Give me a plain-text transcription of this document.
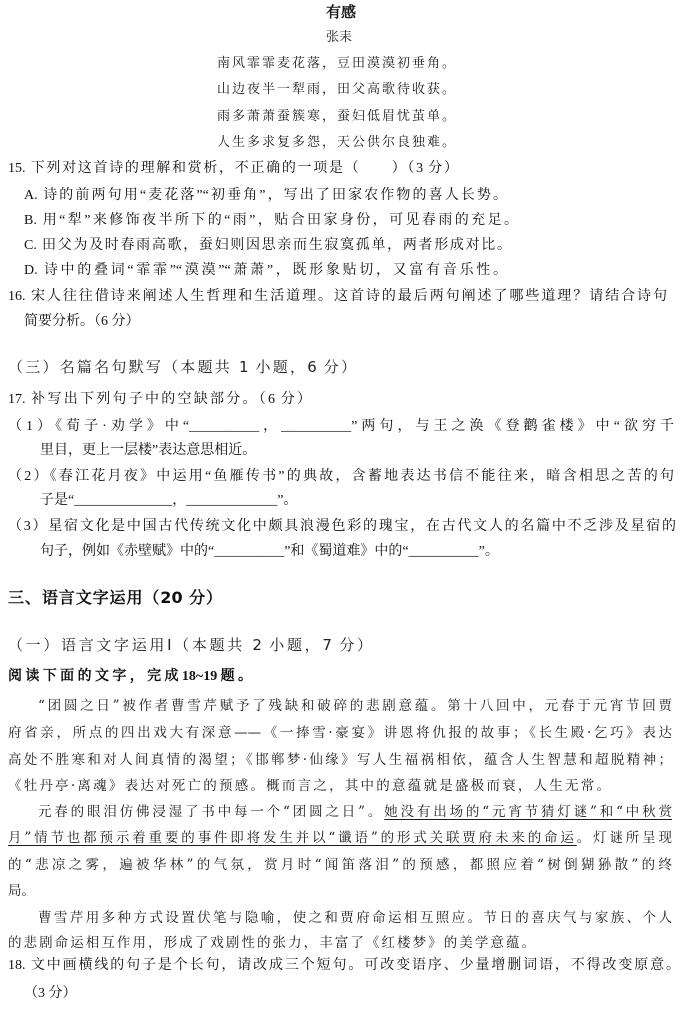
有感
张耒
南风霏霏麦花落，豆田漠漠初垂角。
山边夜半一犁雨，田父高歌待收获。
雨多萧萧蚕簇寒，蚕妇低眉忧茧单。
人生多求复多怨，天公供尔良独难。
15. 下列对这首诗的理解和赏析，不正确的一项是（　　）（3 分）
A. 诗的前两句用“麦花落”“初垂角”，写出了田家农作物的喜人长势。
B. 用“犁”来修饰夜半所下的“雨”，贴合田家身份，可见春雨的充足。
C. 田父为及时春雨高歌，蚕妇则因思亲而生寂寞孤单，两者形成对比。
D. 诗中的叠词“霏霏”“漠漠”“萧萧”，既形象贴切，又富有音乐性。
16. 宋人往往借诗来阐述人生哲理和生活道理。这首诗的最后两句阐述了哪些道理？请结合诗句
简要分析。（6 分）
（三）名篇名句默写（本题共 1 小题，6 分）
17. 补写出下列句子中的空缺部分。（6 分）
（1）《荀子·劝学》中“__________，__________”两句，与王之涣《登鹳雀楼》中“欲穷千
里目，更上一层楼”表达意思相近。
（2）《春江花月夜》中运用“鱼雁传书”的典故，含蓄地表达书信不能往来，暗含相思之苦的句
子是“______________，_____________”。
（3）星宿文化是中国古代传统文化中颇具浪漫色彩的瑰宝，在古代文人的名篇中不乏涉及星宿的
句子，例如《赤壁赋》中的“__________”和《蜀道难》中的“__________”。
三、语言文字运用（20 分）
（一）语言文字运用Ⅰ（本题共 2 小题，7 分）
阅读下面的文字，完成18~19题。
“团圆之日”被作者曹雪芹赋予了残缺和破碎的悲剧意蕴。第十八回中，元春于元宵节回贾
府省亲，所点的四出戏大有深意——《一捧雪·豪宴》讲恩将仇报的故事；《长生殿·乞巧》表达
高处不胜寒和对人间真情的渴望；《邯郸梦·仙缘》写人生福祸相依，蕴含人生智慧和超脱精神；
《牡丹亭·离魂》表达对死亡的预感。概而言之，其中的意蕴就是盛极而衰，人生无常。
元春的眼泪仿佛浸湿了书中每一个“团圆之日”。她没有出场的“元宵节猜灯谜”和“中秋赏
月”情节也都预示着重要的事件即将发生并以“谶语”的形式关联贾府未来的命运。灯谜所呈现
的“悲凉之雾，遍被华林”的气氛，赏月时“闻笛落泪”的预感，都照应着“树倒猢狲散”的终
局。
曹雪芹用多种方式设置伏笔与隐喻，使之和贾府命运相互照应。节日的喜庆气与家族、个人
的悲剧命运相互作用，形成了戏剧性的张力，丰富了《红楼梦》的美学意蕴。
18. 文中画横线的句子是个长句，请改成三个短句。可改变语序、少量增删词语，不得改变原意。
（3 分）
